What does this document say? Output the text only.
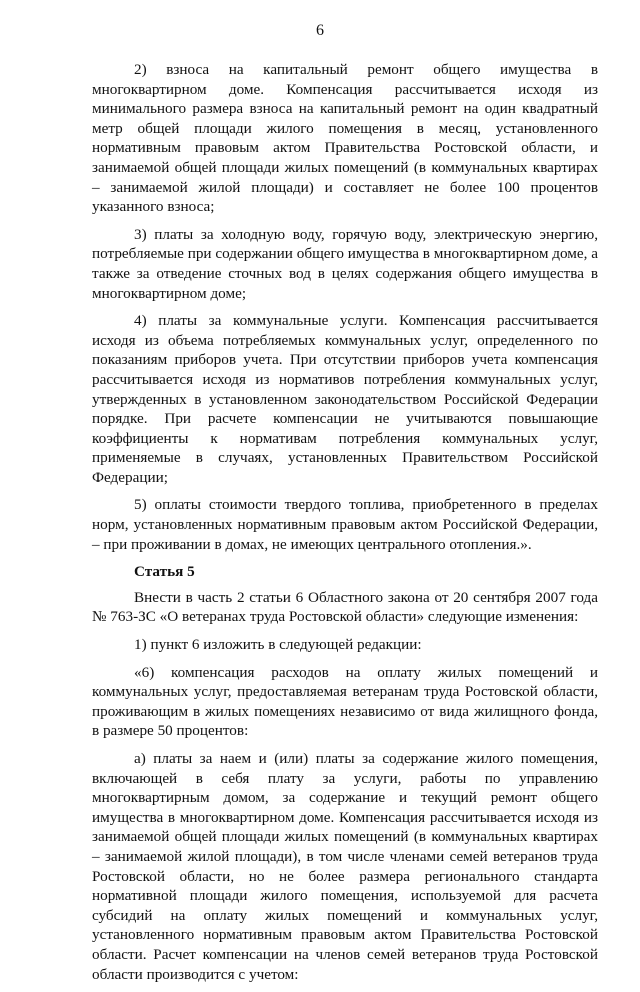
6

2) взноса на капитальный ремонт общего имущества в многоквартирном доме. Компенсация рассчитывается исходя из минимального размера взноса на капитальный ремонт на один квадратный метр общей площади жилого помещения в месяц, установленного нормативным правовым актом Правительства Ростовской области, и занимаемой общей площади жилых помещений (в коммунальных квартирах – занимаемой жилой площади) и составляет не более 100 процентов указанного взноса;

3) платы за холодную воду, горячую воду, электрическую энергию, потребляемые при содержании общего имущества в многоквартирном доме, а также за отведение сточных вод в целях содержания общего имущества в многоквартирном доме;

4) платы за коммунальные услуги. Компенсация рассчитывается исходя из объема потребляемых коммунальных услуг, определенного по показаниям приборов учета. При отсутствии приборов учета компенсация рассчитывается исходя из нормативов потребления коммунальных услуг, утвержденных в установленном законодательством Российской Федерации порядке. При расчете компенсации не учитываются повышающие коэффициенты к нормативам потребления коммунальных услуг, применяемые в случаях, установленных Правительством Российской Федерации;

5) оплаты стоимости твердого топлива, приобретенного в пределах норм, установленных нормативным правовым актом Российской Федерации, – при проживании в домах, не имеющих центрального отопления.».

Статья 5

Внести в часть 2 статьи 6 Областного закона от 20 сентября 2007 года № 763-ЗС «О ветеранах труда Ростовской области» следующие изменения:

1) пункт 6 изложить в следующей редакции:

«6) компенсация расходов на оплату жилых помещений и коммунальных услуг, предоставляемая ветеранам труда Ростовской области, проживающим в жилых помещениях независимо от вида жилищного фонда, в размере 50 процентов:

а) платы за наем и (или) платы за содержание жилого помещения, включающей в себя плату за услуги, работы по управлению многоквартирным домом, за содержание и текущий ремонт общего имущества в многоквартирном доме. Компенсация рассчитывается исходя из занимаемой общей площади жилых помещений (в коммунальных квартирах – занимаемой жилой площади), в том числе членами семей ветеранов труда Ростовской области, но не более размера регионального стандарта нормативной площади жилого помещения, используемой для расчета субсидий на оплату жилых помещений и коммунальных услуг, установленного нормативным правовым актом Правительства Ростовской области. Расчет компенсации на членов семей ветеранов труда Ростовской области производится с учетом:
